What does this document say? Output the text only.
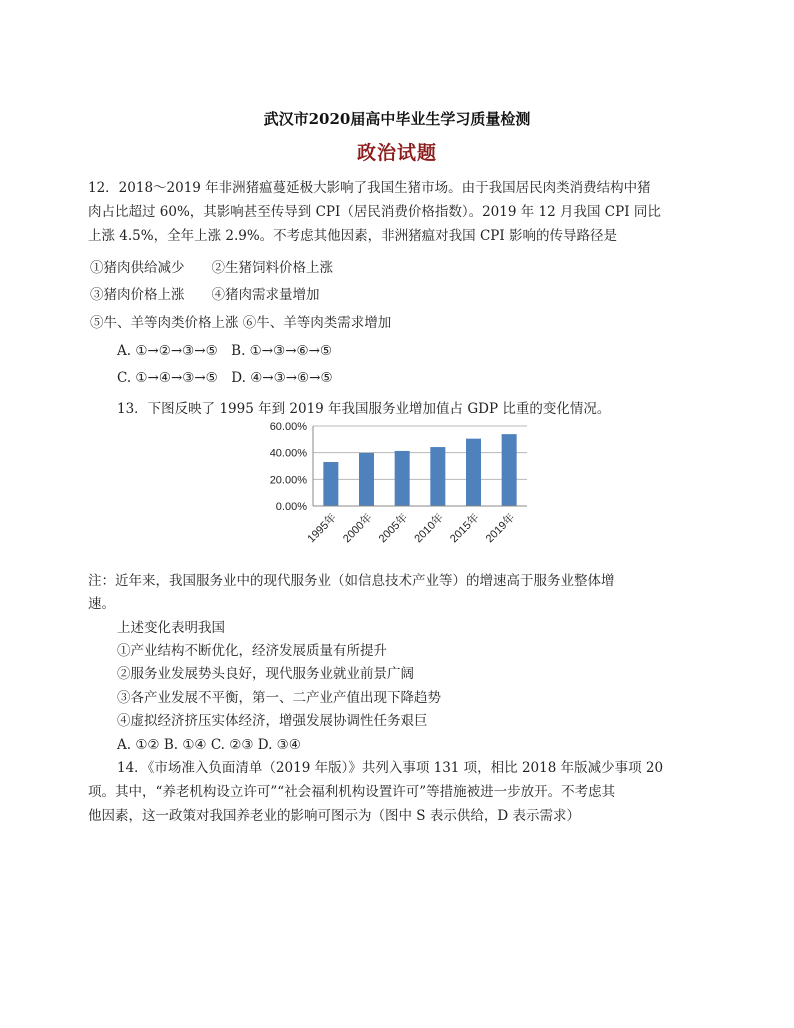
武汉市2020届高中毕业生学习质量检测
政治试题
12．2018～2019 年非洲猪瘟蔓延极大影响了我国生猪市场。由于我国居民肉类消费结构中猪
肉占比超过 60%，其影响甚至传导到 CPI（居民消费价格指数）。2019 年 12 月我国 CPI 同比
上涨 4.5%，全年上涨 2.9%。不考虑其他因素，非洲猪瘟对我国 CPI 影响的传导路径是
①猪肉供给减少　　②生猪饲料价格上涨
③猪肉价格上涨　　④猪肉需求量增加
⑤牛、羊等肉类价格上涨 ⑥牛、羊等肉类需求增加
A. ①→②→③→⑤　B. ①→③→⑥→⑤
C. ①→④→③→⑤　D. ④→③→⑥→⑤
13．下图反映了 1995 年到 2019 年我国服务业增加值占 GDP 比重的变化情况。
0.00%
20.00%
40.00%
60.00%
1995年 2000年 2005年 2010年 2015年 2019年
注：近年来，我国服务业中的现代服务业（如信息技术产业等）的增速高于服务业整体增
速。
上述变化表明我国
①产业结构不断优化，经济发展质量有所提升
②服务业发展势头良好，现代服务业就业前景广阔
③各产业发展不平衡，第一、二产业产值出现下降趋势
④虚拟经济挤压实体经济，增强发展协调性任务艰巨
A. ①② B. ①④ C. ②③ D. ③④
14．《市场准入负面清单（2019 年版）》共列入事项 131 项，相比 2018 年版减少事项 20
项。其中，“养老机构设立许可”“社会福利机构设置许可”等措施被进一步放开。不考虑其
他因素，这一政策对我国养老业的影响可图示为（图中 S 表示供给，D 表示需求）
